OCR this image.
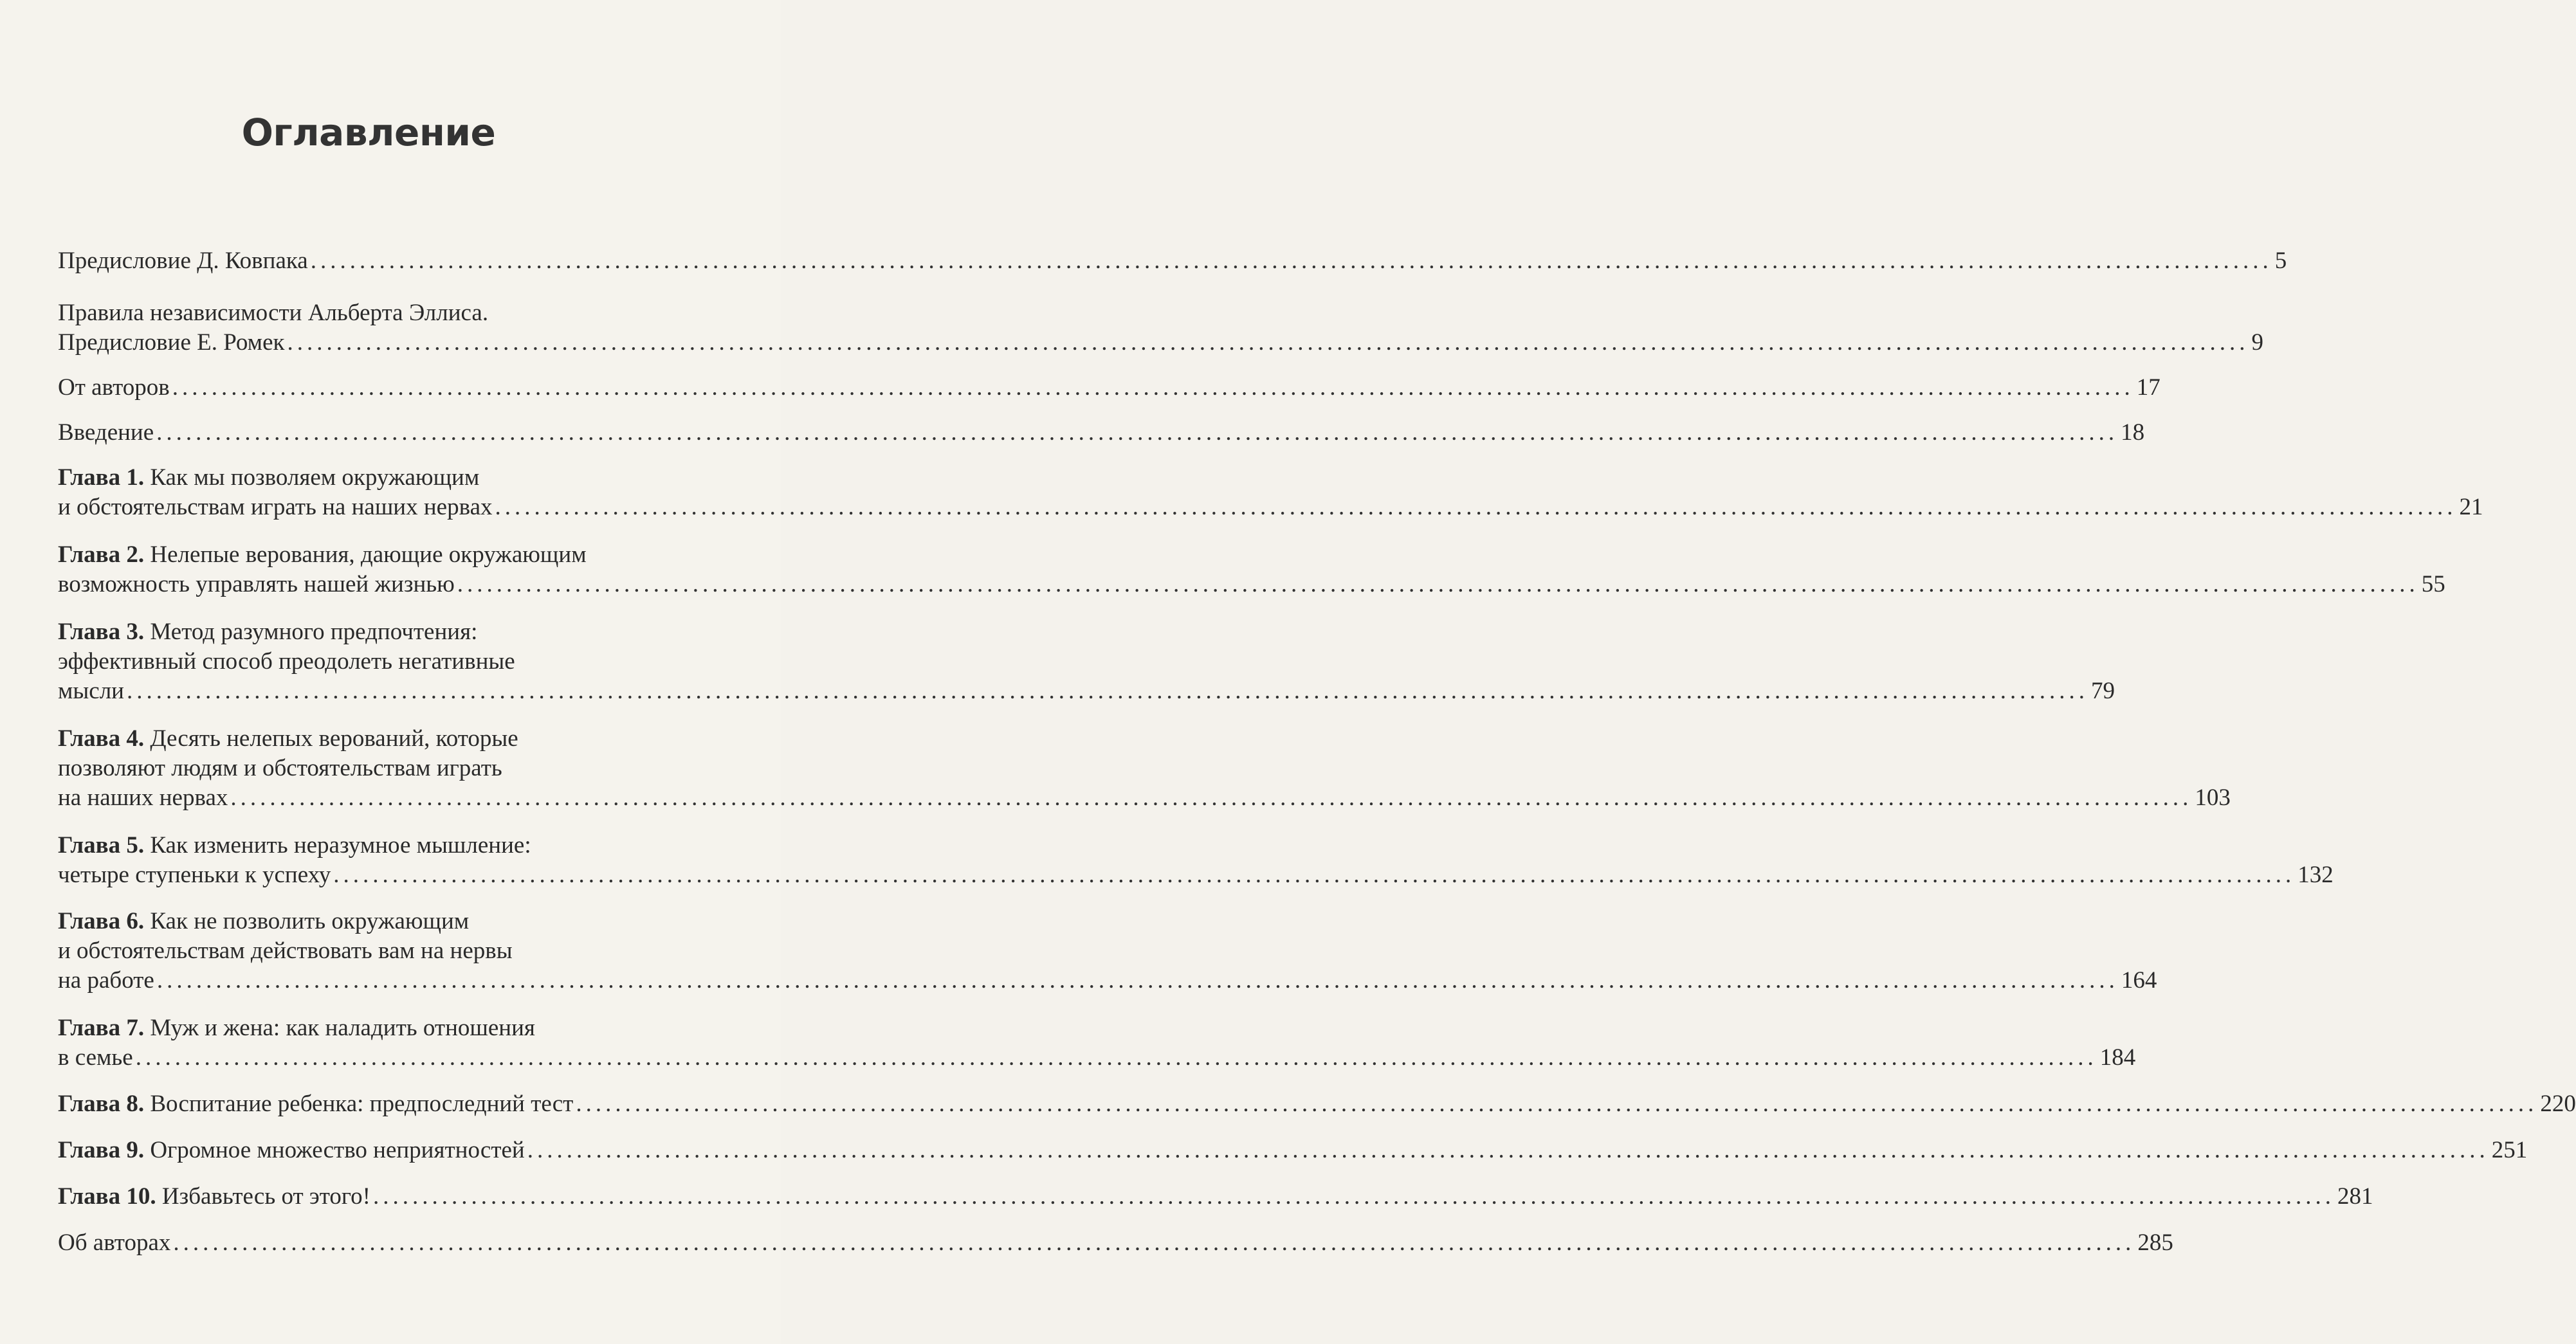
Оглавление
Предисловие Д. Ковпака ........................................................................................................................................................................................................ 5
Правила независимости Альберта Эллиса.
Предисловие Е. Ромек ........................................................................................................................................................................................................ 9
От авторов ........................................................................................................................................................................................................ 17
Введение ........................................................................................................................................................................................................ 18
Глава 1. Как мы позволяем окружающим
и обстоятельствам играть на наших нервах ........................................................................................................................................................................................................ 21
Глава 2. Нелепые верования, дающие окружающим
возможность управлять нашей жизнью ........................................................................................................................................................................................................ 55
Глава 3. Метод разумного предпочтения:
эффективный способ преодолеть негативные
мысли ........................................................................................................................................................................................................ 79
Глава 4. Десять нелепых верований, которые
позволяют людям и обстоятельствам играть
на наших нервах ........................................................................................................................................................................................................ 103
Глава 5. Как изменить неразумное мышление:
четыре ступеньки к успеху ........................................................................................................................................................................................................ 132
Глава 6. Как не позволить окружающим
и обстоятельствам действовать вам на нервы
на работе ........................................................................................................................................................................................................ 164
Глава 7. Муж и жена: как наладить отношения
в семье ........................................................................................................................................................................................................ 184
Глава 8. Воспитание ребенка: предпоследний тест ........................................................................................................................................................................................................ 220
Глава 9. Огромное множество неприятностей ........................................................................................................................................................................................................ 251
Глава 10. Избавьтесь от этого! ........................................................................................................................................................................................................ 281
Об авторах ........................................................................................................................................................................................................ 285
